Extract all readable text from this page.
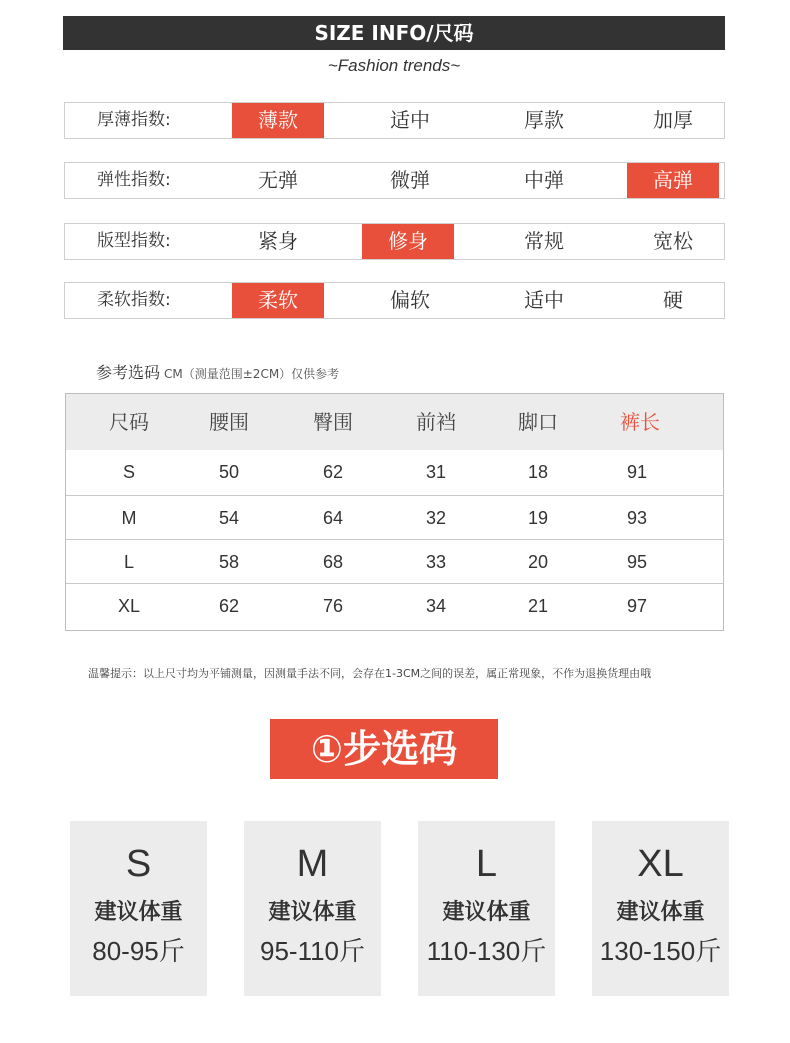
SIZE INFO/尺码
~Fashion trends~
厚薄指数:	薄款	适中	厚款	加厚
弹性指数:	无弹	微弹	中弹	高弹
版型指数:	紧身	修身	常规	宽松
柔软指数:	柔软	偏软	适中	硬
参考选码 CM（测量范围±2CM）仅供参考
尺码	腰围	臀围	前裆	脚口	裤长
S	50	62	31	18	91
M	54	64	32	19	93
L	58	68	33	20	95
XL	62	76	34	21	97
温馨提示：以上尺寸均为平铺测量，因测量手法不同，会存在1-3CM之间的误差，属正常现象，不作为退换货理由哦
①步选码
S
建议体重
80-95斤
M
建议体重
95-110斤
L
建议体重
110-130斤
XL
建议体重
130-150斤
